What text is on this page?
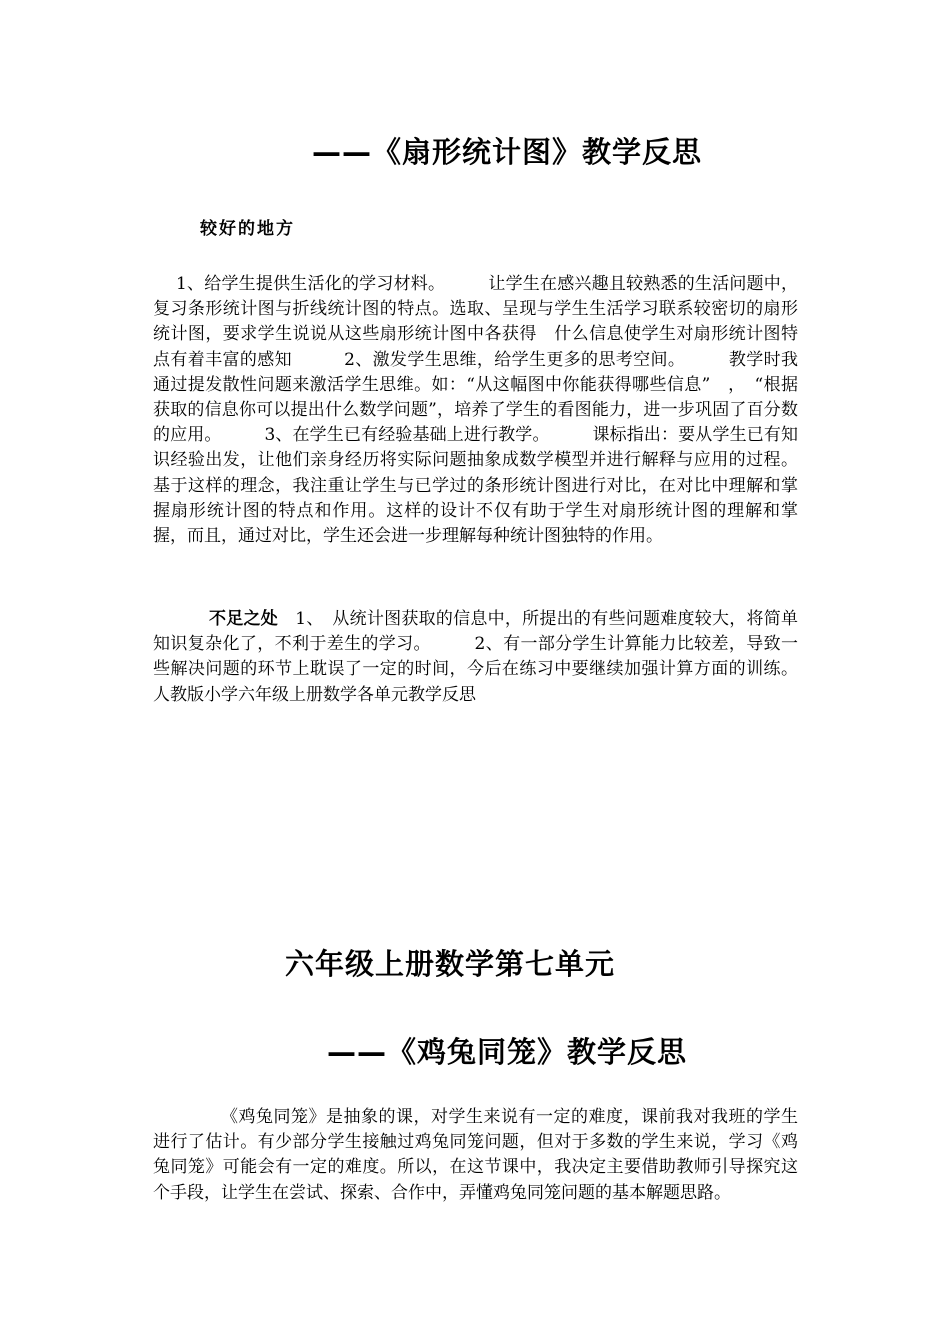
——《扇形统计图》教学反思
较好的地方

1、给学生提供生活化的学习材料。　　　让学生在感兴趣且较熟悉的生活问题中，复习条形统计图与折线统计图的特点。选取、呈现与学生生活学习联系较密切的扇形统计图，要求学生说说从这些扇形统计图中各获得　什么信息使学生对扇形统计图特点有着丰富的感知　　　2、激发学生思维，给学生更多的思考空间。　　　教学时我通过提发散性问题来激活学生思维。如：“从这幅图中你能获得哪些信息”　，　“根据获取的信息你可以提出什么数学问题”，培养了学生的看图能力，进一步巩固了百分数的应用。　　　3、在学生已有经验基础上进行教学。　　　课标指出：要从学生已有知识经验出发，让他们亲身经历将实际问题抽象成数学模型并进行解释与应用的过程。基于这样的理念，我注重让学生与已学过的条形统计图进行对比，在对比中理解和掌握扇形统计图的特点和作用。这样的设计不仅有助于学生对扇形统计图的理解和掌握，而且，通过对比，学生还会进一步理解每种统计图独特的作用。

不足之处　1、　从统计图获取的信息中，所提出的有些问题难度较大，将简单知识复杂化了，不利于差生的学习。　　　2、有一部分学生计算能力比较差，导致一些解决问题的环节上耽误了一定的时间，今后在练习中要继续加强计算方面的训练。人教版小学六年级上册数学各单元教学反思

六年级上册数学第七单元
——《鸡兔同笼》教学反思

《鸡兔同笼》是抽象的课，对学生来说有一定的难度，课前我对我班的学生进行了估计。有少部分学生接触过鸡兔同笼问题，但对于多数的学生来说，学习《鸡兔同笼》可能会有一定的难度。所以，在这节课中，我决定主要借助教师引导探究这个手段，让学生在尝试、探索、合作中，弄懂鸡兔同笼问题的基本解题思路。
